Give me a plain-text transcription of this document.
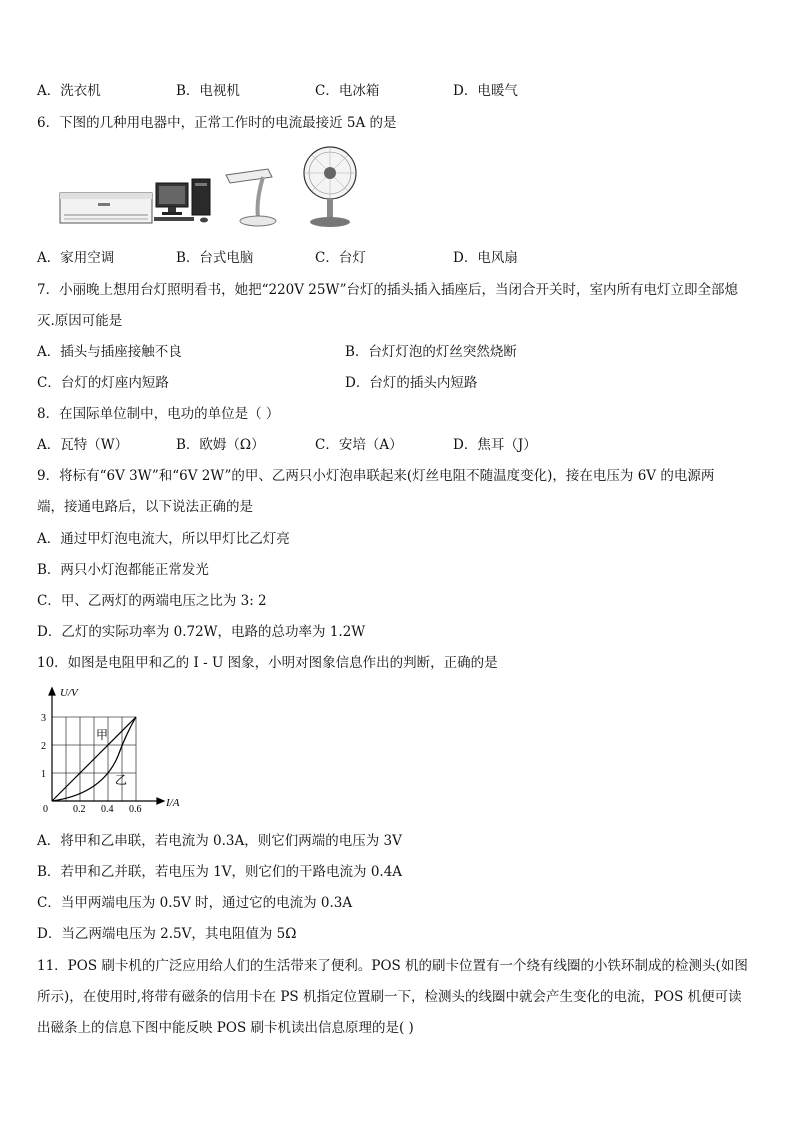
A．洗衣机	B．电视机	C．电冰箱	D．电暖气
6．下图的几种用电器中，正常工作时的电流最接近 5A 的是
A．家用空调	B．台式电脑	C．台灯	D．电风扇
7．小丽晚上想用台灯照明看书，她把“220V 25W”台灯的插头插入插座后，当闭合开关时，室内所有电灯立即全部熄
灭.原因可能是
A．插头与插座接触不良	B．台灯灯泡的灯丝突然烧断
C．台灯的灯座内短路	D．台灯的插头内短路
8．在国际单位制中，电功的单位是（ ）
A．瓦特（W）	B．欧姆（Ω）	C．安培（A）	D．焦耳（J）
9．将标有“6V 3W”和“6V 2W”的甲、乙两只小灯泡串联起来(灯丝电阻不随温度变化)，接在电压为 6V 的电源两
端，接通电路后，以下说法正确的是
A．通过甲灯泡电流大，所以甲灯比乙灯亮
B．两只小灯泡都能正常发光
C．甲、乙两灯的两端电压之比为 3: 2
D．乙灯的实际功率为 0.72W，电路的总功率为 1.2W
10．如图是电阻甲和乙的 I - U 图象，小明对图象信息作出的判断，正确的是
U/V
I/A
0
1
2
3
0.2 0.4 0.6
甲
乙
A．将甲和乙串联，若电流为 0.3A，则它们两端的电压为 3V
B．若甲和乙并联，若电压为 1V，则它们的干路电流为 0.4A
C．当甲两端电压为 0.5V 时，通过它的电流为 0.3A
D．当乙两端电压为 2.5V，其电阻值为 5Ω
11．POS 刷卡机的广泛应用给人们的生活带来了便利。POS 机的刷卡位置有一个绕有线圈的小铁环制成的检测头(如图
所示)，在使用时,将带有磁条的信用卡在 PS 机指定位置刷一下，检测头的线圈中就会产生变化的电流，POS 机便可读
出磁条上的信息下图中能反映 POS 刷卡机读出信息原理的是( )
